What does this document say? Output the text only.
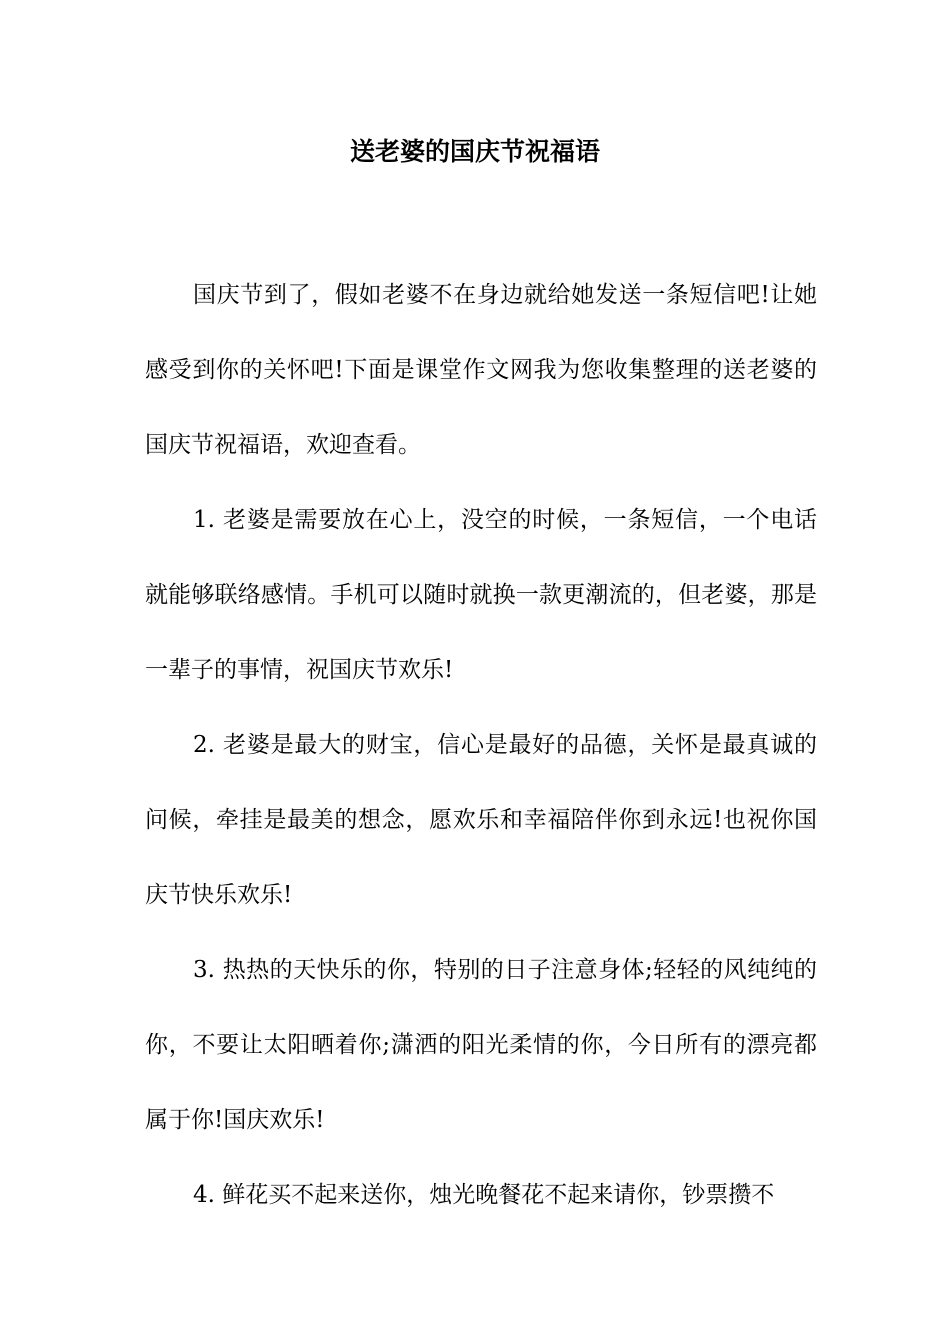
送老婆的国庆节祝福语

国庆节到了，假如老婆不在身边就给她发送一条短信吧!让她感受到你的关怀吧!下面是课堂作文网我为您收集整理的送老婆的国庆节祝福语，欢迎查看。

1. 老婆是需要放在心上，没空的时候，一条短信，一个电话就能够联络感情。手机可以随时就换一款更潮流的，但老婆，那是一辈子的事情，祝国庆节欢乐!

2. 老婆是最大的财宝，信心是最好的品德，关怀是最真诚的问候，牵挂是最美的想念，愿欢乐和幸福陪伴你到永远!也祝你国庆节快乐欢乐!

3. 热热的天快乐的你，特别的日子注意身体;轻轻的风纯纯的你，不要让太阳晒着你;潇洒的阳光柔情的你，今日所有的漂亮都属于你!国庆欢乐!

4. 鲜花买不起来送你，烛光晚餐花不起来请你，钞票攒不
